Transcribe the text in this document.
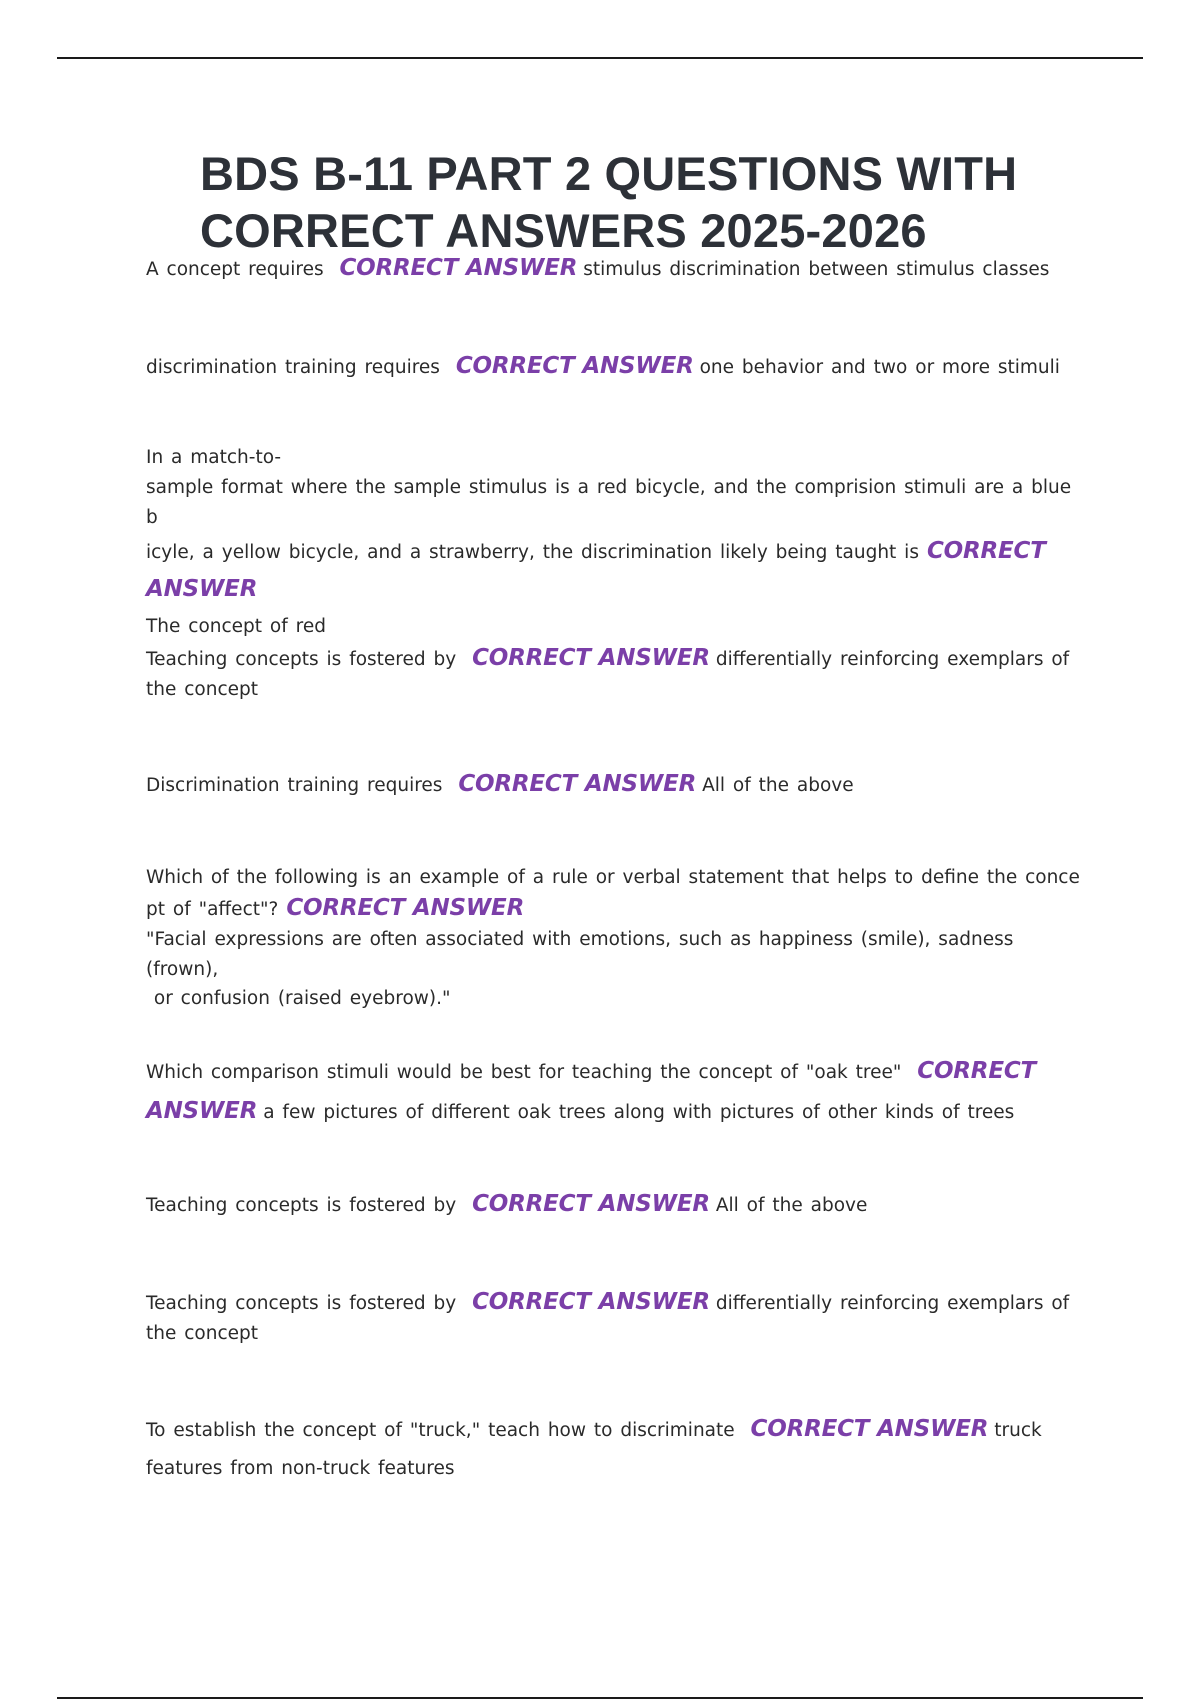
BDS B-11 PART 2 QUESTIONS WITH
CORRECT ANSWERS 2025-2026

A concept requires CORRECT ANSWER stimulus discrimination between stimulus classes

discrimination training requires CORRECT ANSWER one behavior and two or more stimuli

In a match-to-
sample format where the sample stimulus is a red bicycle, and the comprision stimuli are a blue b
icyle, a yellow bicycle, and a strawberry, the discrimination likely being taught is CORRECT ANSWER
The concept of red

Teaching concepts is fostered by CORRECT ANSWER differentially reinforcing exemplars of the concept

Discrimination training requires CORRECT ANSWER All of the above

Which of the following is an example of a rule or verbal statement that helps to define the conce
pt of "affect"? CORRECT ANSWER
"Facial expressions are often associated with emotions, such as happiness (smile), sadness (frown),
or confusion (raised eyebrow)."

Which comparison stimuli would be best for teaching the concept of "oak tree" CORRECT ANSWER a few pictures of different oak trees along with pictures of other kinds of trees

Teaching concepts is fostered by CORRECT ANSWER All of the above

Teaching concepts is fostered by CORRECT ANSWER differentially reinforcing exemplars of the concept

To establish the concept of "truck," teach how to discriminate CORRECT ANSWER truck features from non-truck features
